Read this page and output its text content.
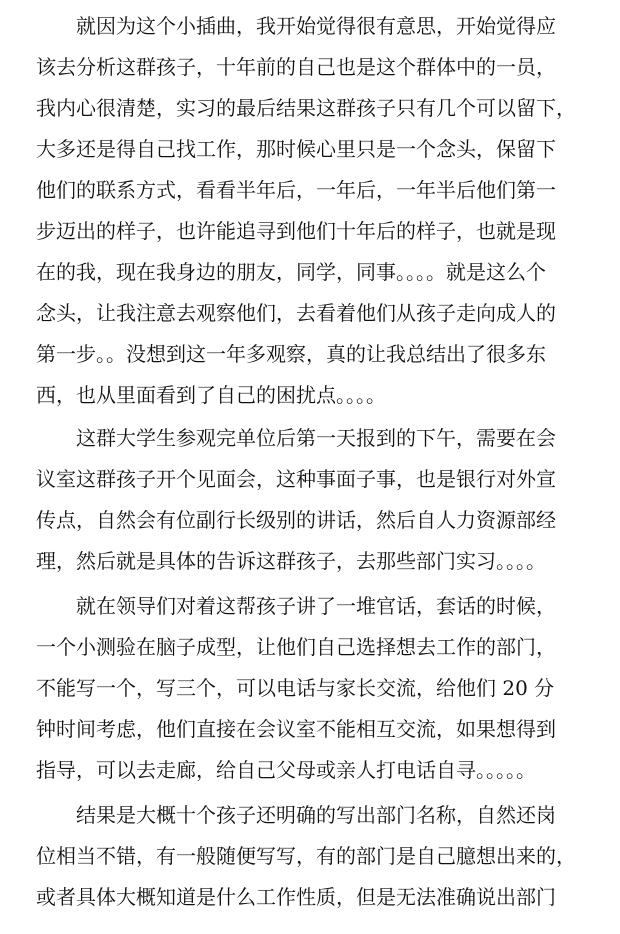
就因为这个小插曲，我开始觉得很有意思，开始觉得应
该去分析这群孩子，十年前的自己也是这个群体中的一员，
我内心很清楚，实习的最后结果这群孩子只有几个可以留下，
大多还是得自己找工作，那时候心里只是一个念头，保留下
他们的联系方式，看看半年后，一年后，一年半后他们第一
步迈出的样子，也许能追寻到他们十年后的样子，也就是现
在的我，现在我身边的朋友，同学，同事。。。。就是这么个
念头，让我注意去观察他们，去看着他们从孩子走向成人的
第一步。。没想到这一年多观察，真的让我总结出了很多东
西，也从里面看到了自己的困扰点。。。。
这群大学生参观完单位后第一天报到的下午，需要在会
议室这群孩子开个见面会，这种事面子事，也是银行对外宣
传点，自然会有位副行长级别的讲话，然后自人力资源部经
理，然后就是具体的告诉这群孩子，去那些部门实习。。。。
就在领导们对着这帮孩子讲了一堆官话，套话的时候，
一个小测验在脑子成型，让他们自己选择想去工作的部门，
不能写一个，写三个，可以电话与家长交流，给他们 20 分
钟时间考虑，他们直接在会议室不能相互交流，如果想得到
指导，可以去走廊，给自己父母或亲人打电话自寻。。。。。
结果是大概十个孩子还明确的写出部门名称，自然还岗
位相当不错，有一般随便写写，有的部门是自己臆想出来的，
或者具体大概知道是什么工作性质，但是无法准确说出部门
